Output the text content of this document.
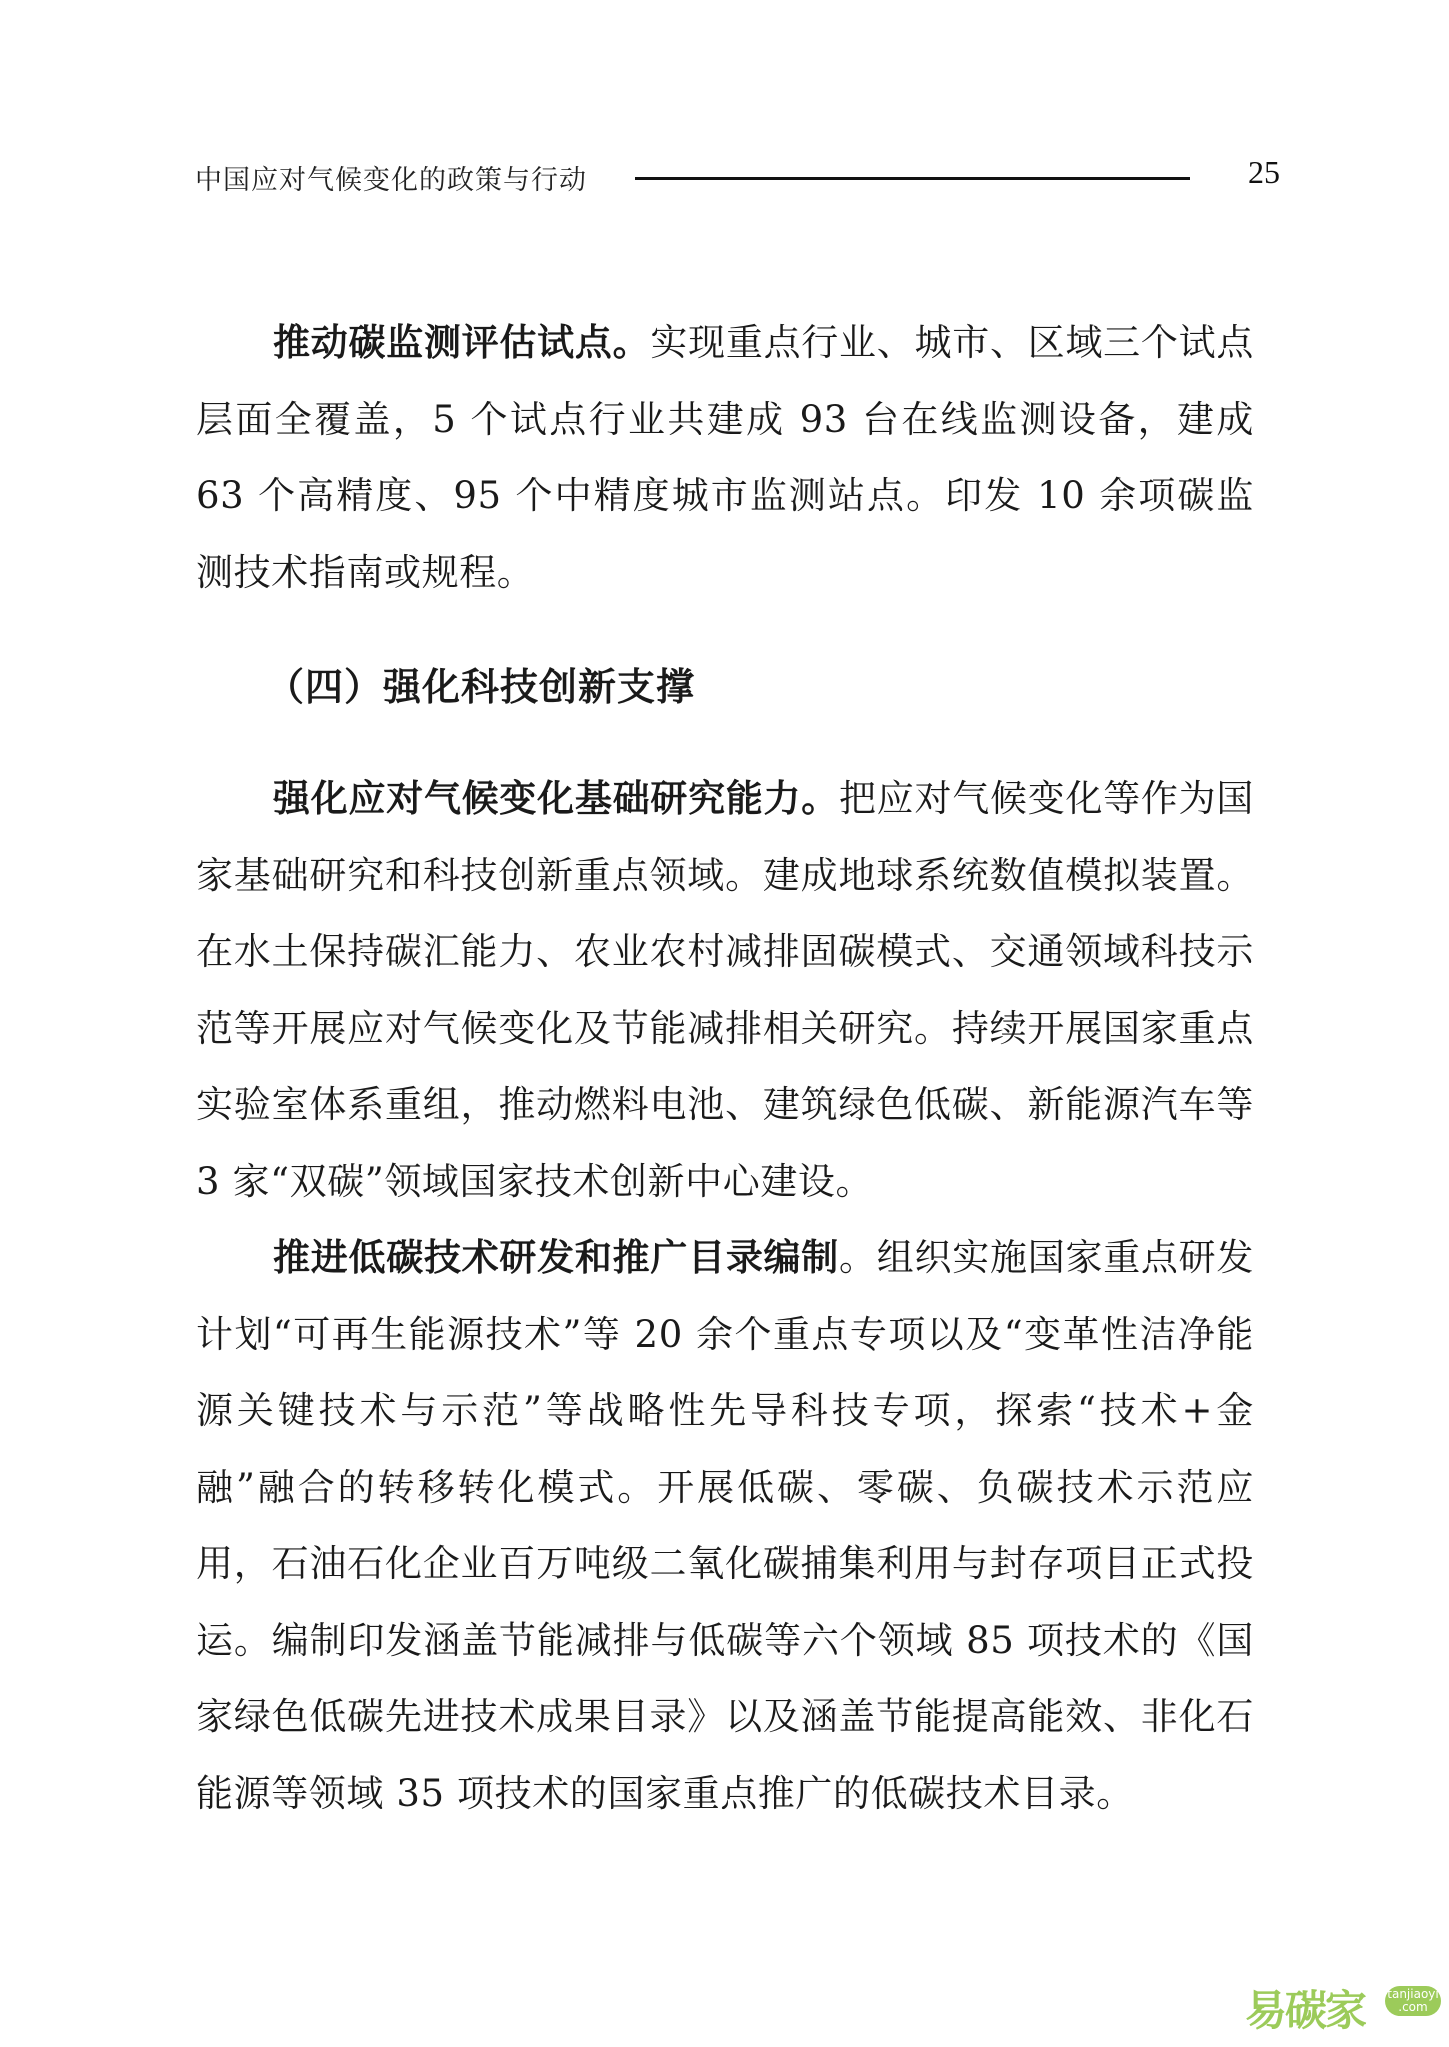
中国应对气候变化的政策与行动	25

推动碳监测评估试点。实现重点行业、城市、区域三个试点层面全覆盖，5 个试点行业共建成 93 台在线监测设备，建成 63 个高精度、95 个中精度城市监测站点。印发 10 余项碳监测技术指南或规程。

（四）强化科技创新支撑

强化应对气候变化基础研究能力。把应对气候变化等作为国家基础研究和科技创新重点领域。建成地球系统数值模拟装置。在水土保持碳汇能力、农业农村减排固碳模式、交通领域科技示范等开展应对气候变化及节能减排相关研究。持续开展国家重点实验室体系重组，推动燃料电池、建筑绿色低碳、新能源汽车等 3 家“双碳”领域国家技术创新中心建设。

推进低碳技术研发和推广目录编制。组织实施国家重点研发计划“可再生能源技术”等 20 余个重点专项以及“变革性洁净能源关键技术与示范”等战略性先导科技专项，探索“技术+金融”融合的转移转化模式。开展低碳、零碳、负碳技术示范应用，石油石化企业百万吨级二氧化碳捕集利用与封存项目正式投运。编制印发涵盖节能减排与低碳等六个领域 85 项技术的《国家绿色低碳先进技术成果目录》以及涵盖节能提高能效、非化石能源等领域 35 项技术的国家重点推广的低碳技术目录。

易碳家 tanjiaoyi
.com
